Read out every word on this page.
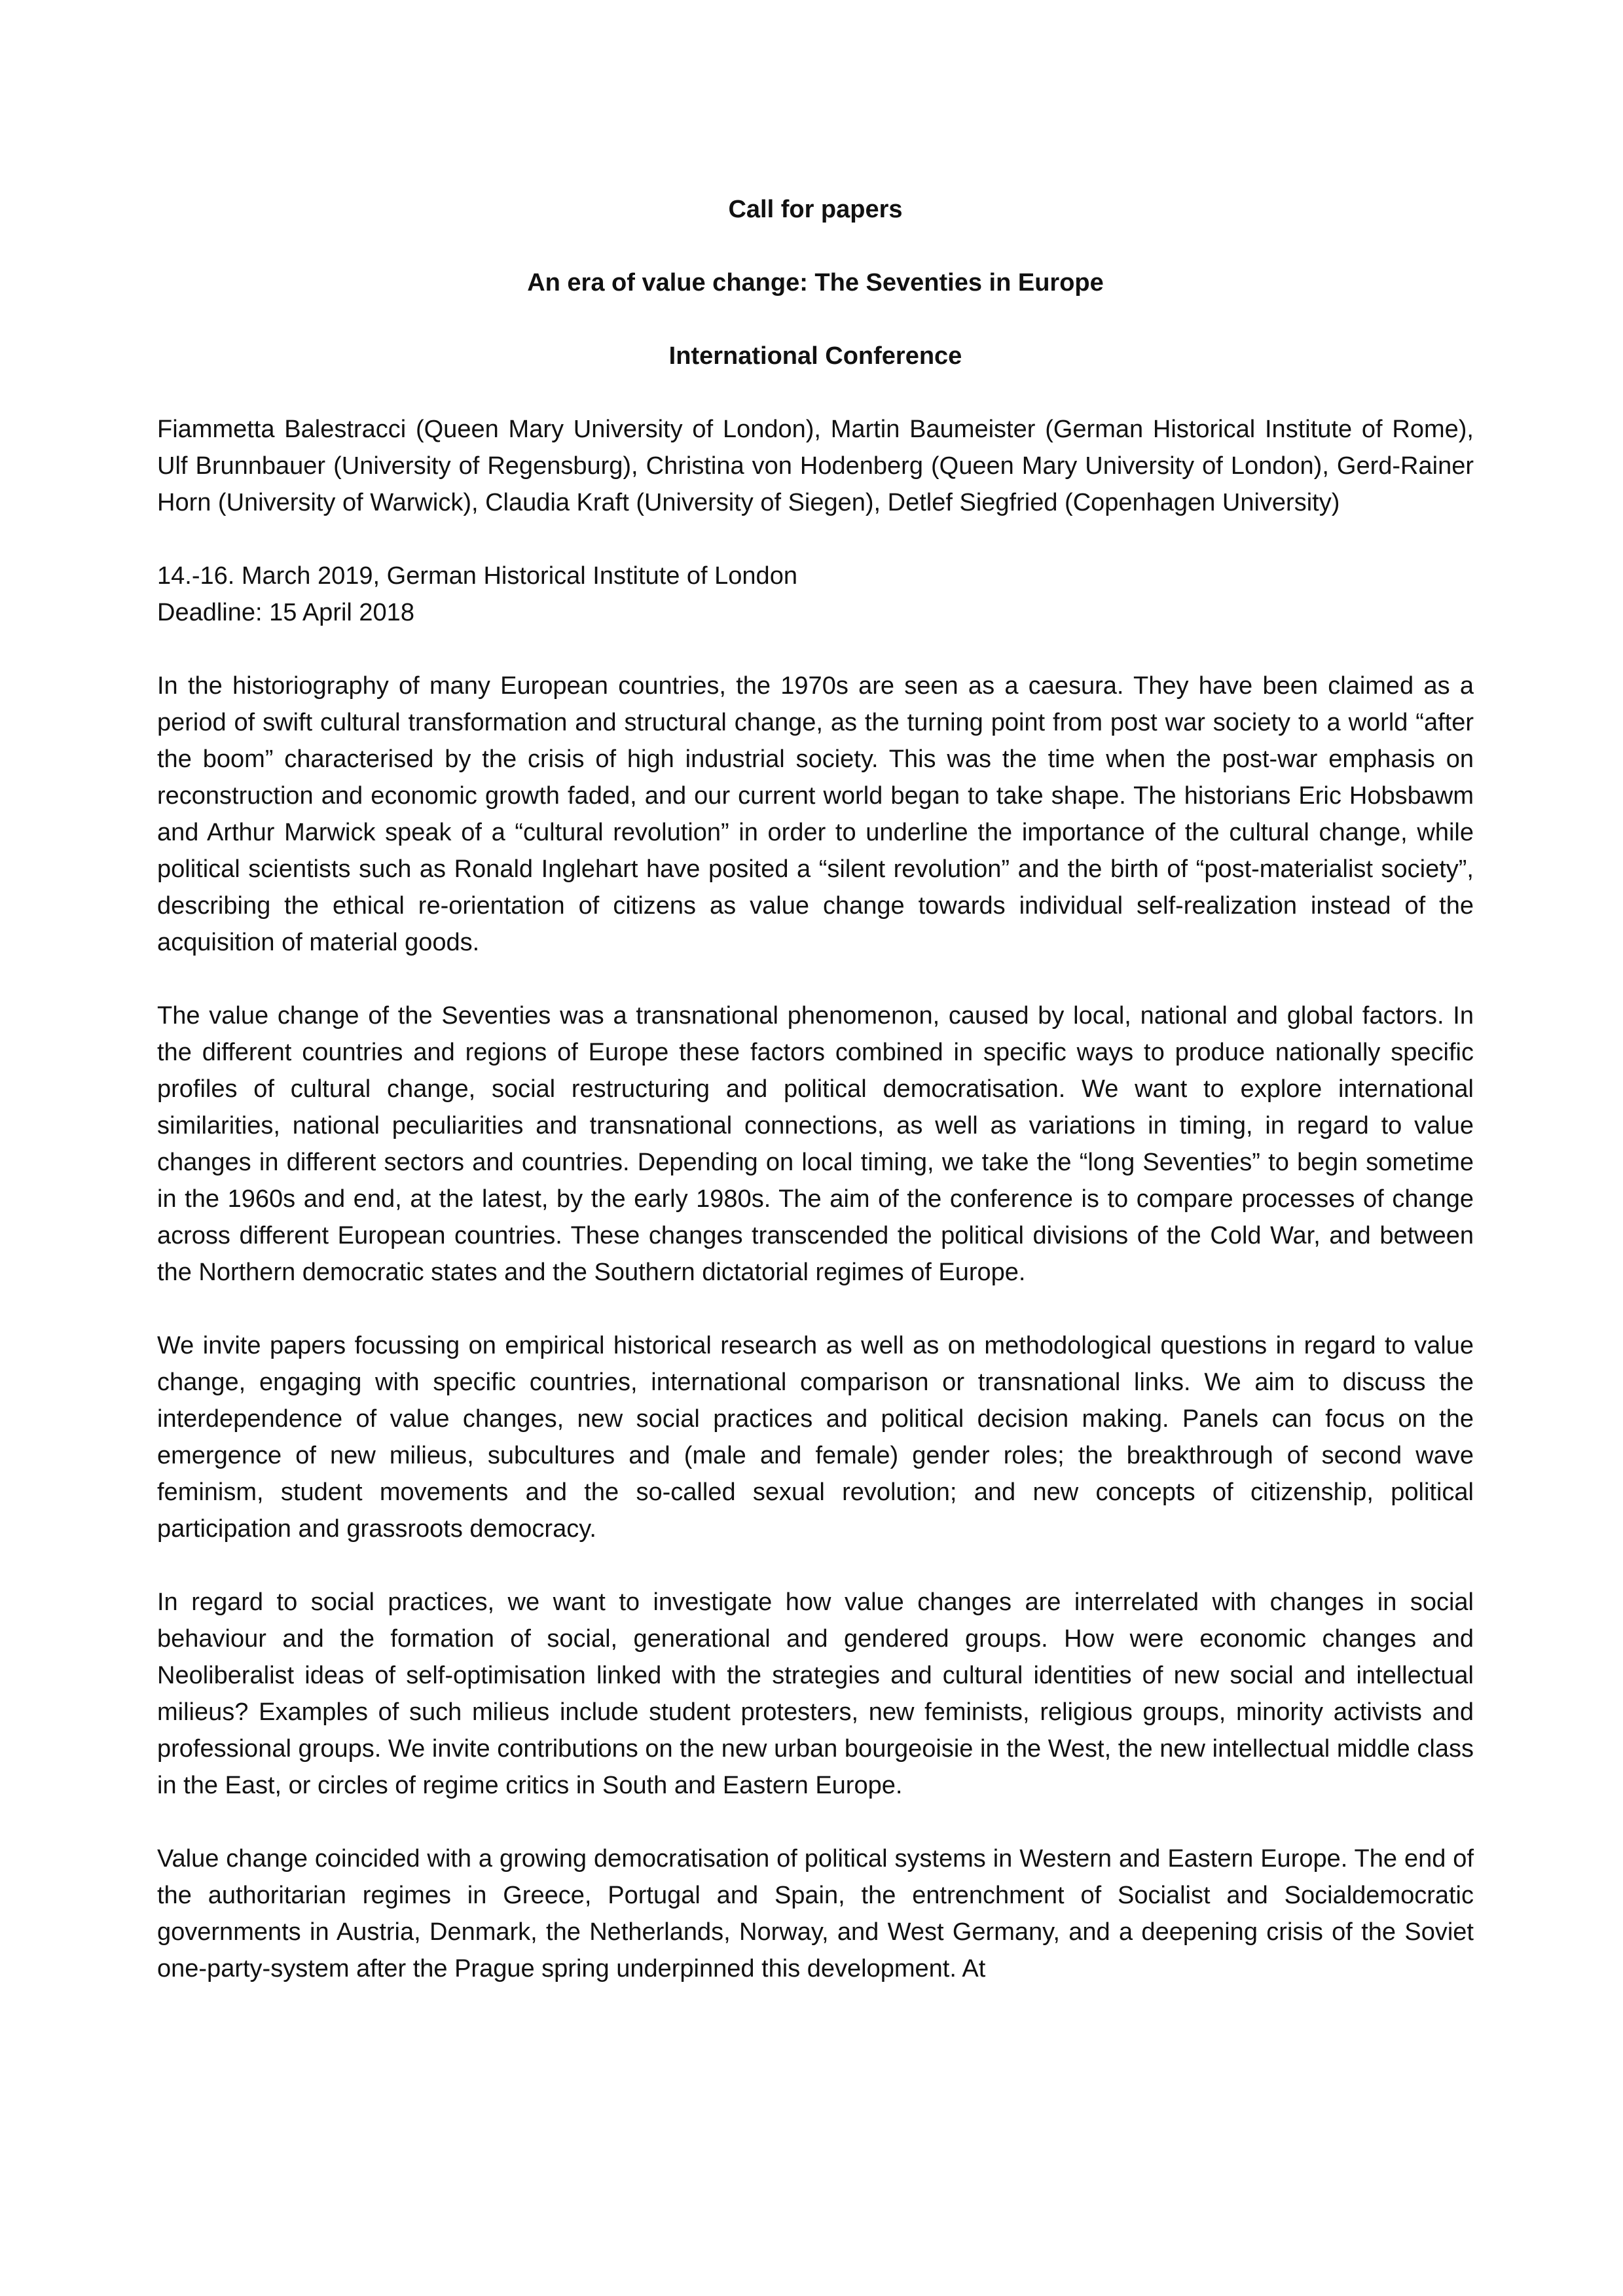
Call for papers

An era of value change: The Seventies in Europe

International Conference

Fiammetta Balestracci (Queen Mary University of London), Martin Baumeister (German Historical Institute of Rome), Ulf Brunnbauer (University of Regensburg), Christina von Hodenberg (Queen Mary University of London), Gerd-Rainer Horn (University of Warwick), Claudia Kraft (University of Siegen), Detlef Siegfried (Copenhagen University)

14.-16. March 2019, German Historical Institute of London
Deadline: 15 April 2018

In the historiography of many European countries, the 1970s are seen as a caesura. They have been claimed as a period of swift cultural transformation and structural change, as the turning point from post war society to a world “after the boom” characterised by the crisis of high industrial society. This was the time when the post-war emphasis on reconstruction and economic growth faded, and our current world began to take shape. The historians Eric Hobsbawm and Arthur Marwick speak of a “cultural revolution” in order to underline the importance of the cultural change, while political scientists such as Ronald Inglehart have posited a “silent revolution” and the birth of “post-materialist society”, describing the ethical re-orientation of citizens as value change towards individual self-realization instead of the acquisition of material goods.

The value change of the Seventies was a transnational phenomenon, caused by local, national and global factors. In the different countries and regions of Europe these factors combined in specific ways to produce nationally specific profiles of cultural change, social restructuring and political democratisation. We want to explore international similarities, national peculiarities and transnational connections, as well as variations in timing, in regard to value changes in different sectors and countries. Depending on local timing, we take the “long Seventies” to begin sometime in the 1960s and end, at the latest, by the early 1980s. The aim of the conference is to compare processes of change across different European countries. These changes transcended the political divisions of the Cold War, and between the Northern democratic states and the Southern dictatorial regimes of Europe.

We invite papers focussing on empirical historical research as well as on methodological questions in regard to value change, engaging with specific countries, international comparison or transnational links. We aim to discuss the interdependence of value changes, new social practices and political decision making. Panels can focus on the emergence of new milieus, subcultures and (male and female) gender roles; the breakthrough of second wave feminism, student movements and the so-called sexual revolution; and new concepts of citizenship, political participation and grassroots democracy.

In regard to social practices, we want to investigate how value changes are interrelated with changes in social behaviour and the formation of social, generational and gendered groups. How were economic changes and Neoliberalist ideas of self-optimisation linked with the strategies and cultural identities of new social and intellectual milieus? Examples of such milieus include student protesters, new feminists, religious groups, minority activists and professional groups. We invite contributions on the new urban bourgeoisie in the West, the new intellectual middle class in the East, or circles of regime critics in South and Eastern Europe.

Value change coincided with a growing democratisation of political systems in Western and Eastern Europe. The end of the authoritarian regimes in Greece, Portugal and Spain, the entrenchment of Socialist and Socialdemocratic governments in Austria, Denmark, the Netherlands, Norway, and West Germany, and a deepening crisis of the Soviet one-party-system after the Prague spring underpinned this development. At
